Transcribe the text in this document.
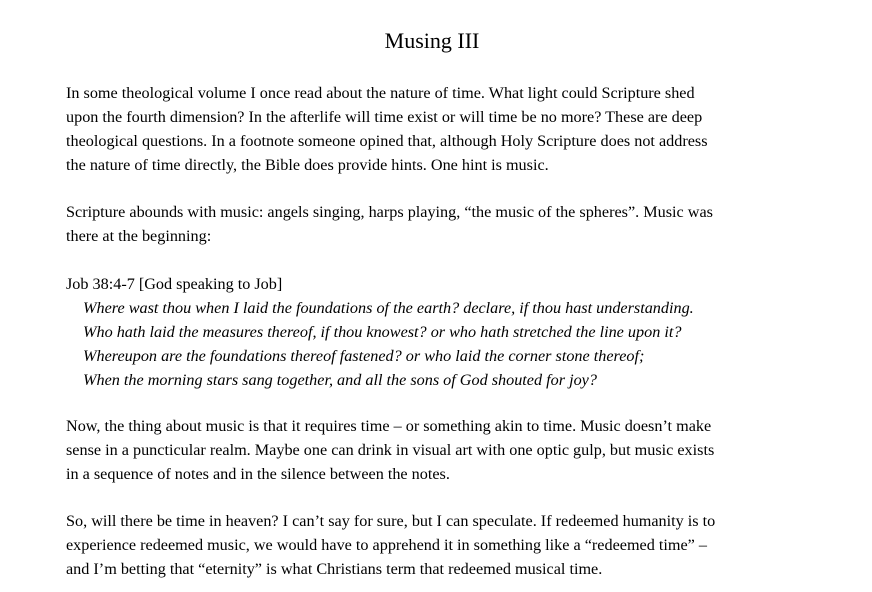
Musing III

In some theological volume I once read about the nature of time. What light could Scripture shed
upon the fourth dimension? In the afterlife will time exist or will time be no more? These are deep
theological questions. In a footnote someone opined that, although Holy Scripture does not address
the nature of time directly, the Bible does provide hints. One hint is music.

Scripture abounds with music: angels singing, harps playing, “the music of the spheres”. Music was
there at the beginning:

Job 38:4-7 [God speaking to Job]
Where wast thou when I laid the foundations of the earth? declare, if thou hast understanding.
Who hath laid the measures thereof, if thou knowest? or who hath stretched the line upon it?
Whereupon are the foundations thereof fastened? or who laid the corner stone thereof;
When the morning stars sang together, and all the sons of God shouted for joy?

Now, the thing about music is that it requires time – or something akin to time. Music doesn’t make
sense in a puncticular realm. Maybe one can drink in visual art with one optic gulp, but music exists
in a sequence of notes and in the silence between the notes.

So, will there be time in heaven? I can’t say for sure, but I can speculate. If redeemed humanity is to
experience redeemed music, we would have to apprehend it in something like a “redeemed time” –
and I’m betting that “eternity” is what Christians term that redeemed musical time.
